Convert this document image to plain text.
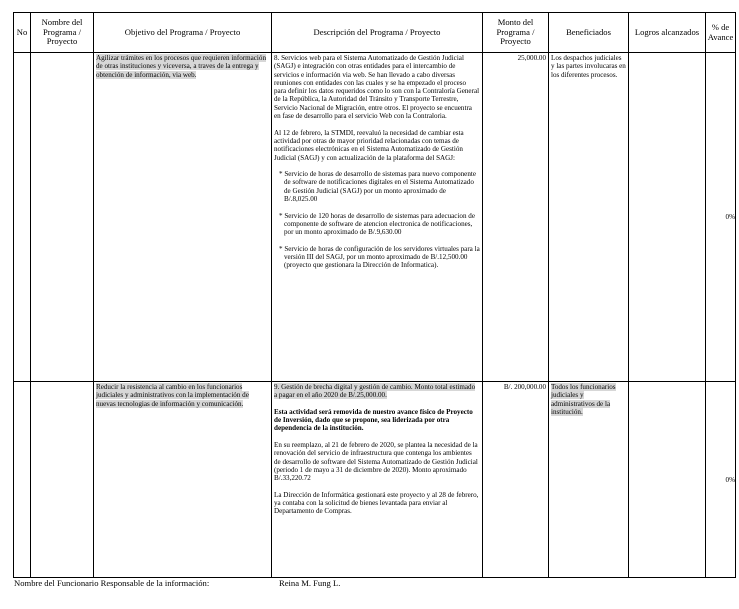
No	Nombre del Programa / Proyecto	Objetivo del Programa / Proyecto	Descripción del Programa / Proyecto	Monto del Programa / Proyecto	Beneficiados	Logros alcanzados	% de Avance

		Agilizar trámites en los procesos que requieren información de otras instituciones y viceversa, a traves de la entrega y obtención de información, via web.	8. Servicios web para el Sistema Automatizado de Gestión Judicial (SAGJ) e integración con otras entidades para el intercambio de servicios e información via web. Se han llevado a cabo diversas reuniones con entidades con las cuales y se ha empezado el proceso para definir los datos requeridos como lo son con la Contraloría General de la República, la Autoridad del Tránsito y Transporte Terrestre, Servicio Nacional de Migración, entre otros. El proyecto se encuentra en fase de desarrollo para el servicio Web con la Contraloria.

Al 12 de febrero, la STMDI, reevaluó la necesidad de cambiar esta actividad por otras de mayor prioridad relacionadas con temas de notificaciones electrónicas en el Sistema Automatizado de Gestión Judicial (SAGJ) y con actualización de la plataforma del SAGJ:

* Servicio de horas de desarrollo de sistemas para nuevo componente de software de notificaciones digitales en el Sistema Automatizado de Gestión Judicial (SAGJ) por un monto aproximado de B/.8,025.00

* Servicio de 120 horas de desarrollo de sistemas para adecuacion de componente de software de atencion electronica de notificaciones, por un monto aproximado de B/.9,630.00

* Servicio de horas de configuración de los servidores virtuales para la versión III del SAGJ, por un monto aproximado de B/.12,500.00 (proyecto que gestionara la Dirección de Informatica).	25,000.00	Los despachos judiciales y las partes involucaras en los diferentes procesos.		0%

		Reducir la resistencia al cambio en los funcionarios judiciales y administrativos con la implementación de nuevas tecnologias de información y comunicación.	9. Gestión de brecha digital y gestión de cambio. Monto total estimado a pagar en el año 2020 de B/.25,000.00.

Esta actividad será removida de nuestro avance físico de Proyecto de Inversión, dado que se propone, sea liderizada por otra dependencia de la institución.

En su reemplazo, al 21 de febrero de 2020, se plantea la necesidad de la renovación del servicio de infraestructura que contenga los ambientes de desarrollo de software del Sistema Automatizado de Gestión Judicial (periodo 1 de mayo a 31 de diciembre de 2020). Monto aproximado B/.33,220.72

La Dirección de Informática gestionará este proyecto y al 28 de febrero, ya contaba con la solicitud de bienes levantada para enviar al Departamento de Compras.	B/. 200,000.00	Todos los funcionarios judiciales y administrativos de la institución.		0%
Nombre del Funcionario Responsable de la información:	Reina M. Fung L.
